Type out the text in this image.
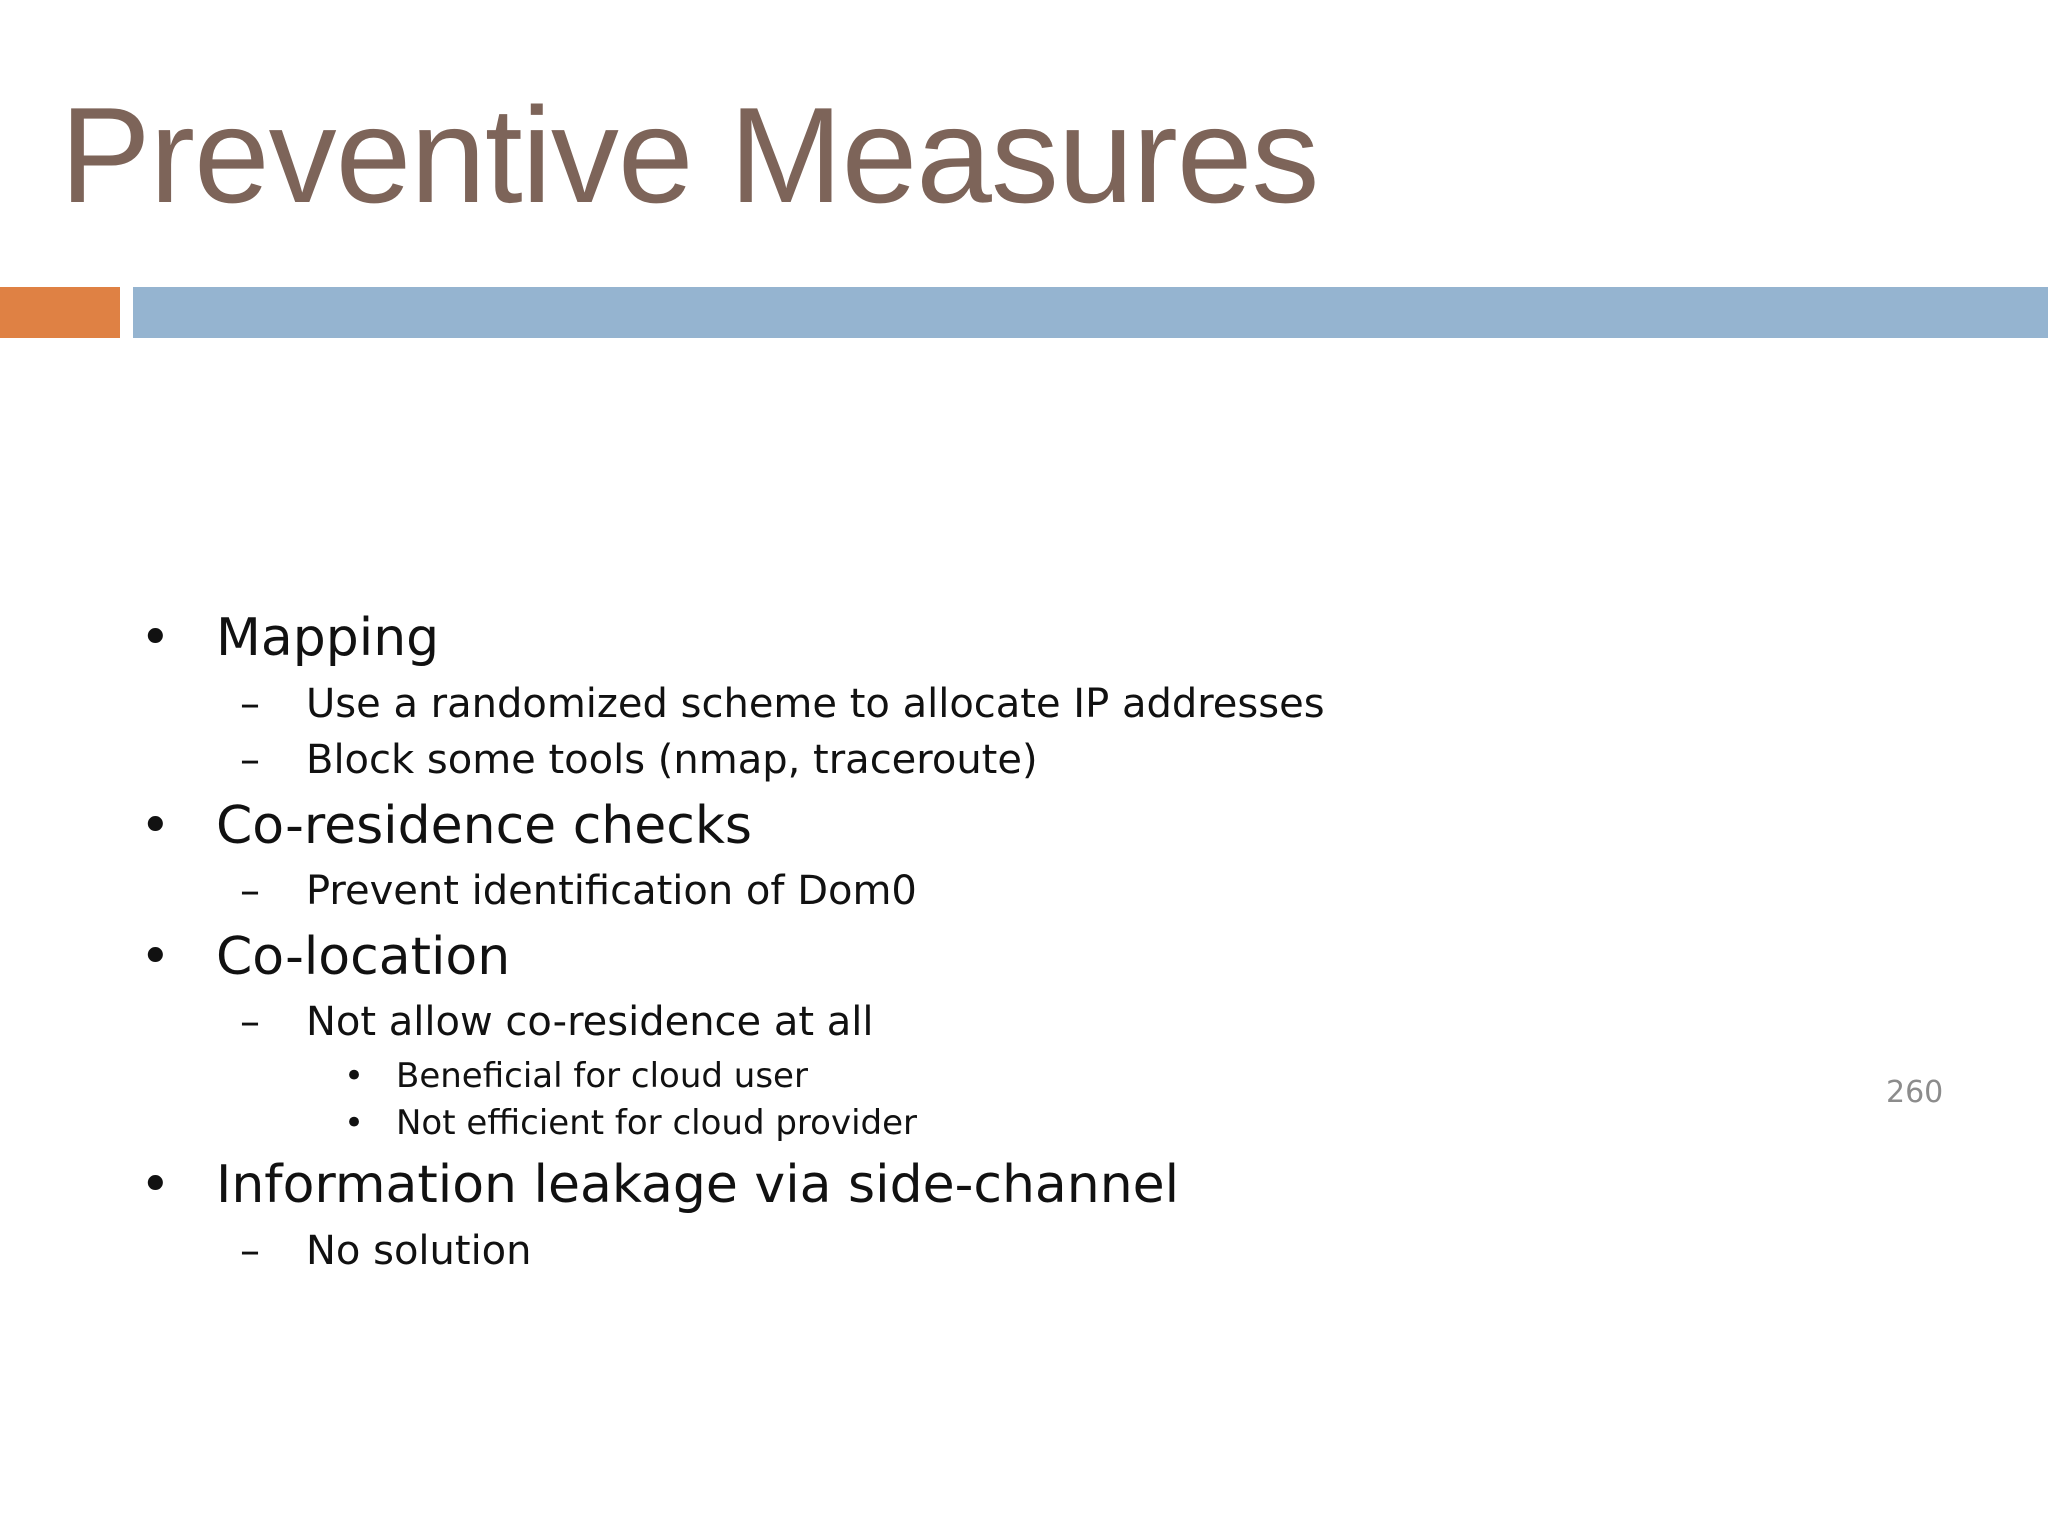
Preventive Measures
• Mapping
– Use a randomized scheme to allocate IP addresses
– Block some tools (nmap, traceroute)
• Co-residence checks
– Prevent identification of Dom0
• Co-location
– Not allow co-residence at all
• Beneficial for cloud user
• Not efficient for cloud provider
• Information leakage via side-channel
– No solution
260
